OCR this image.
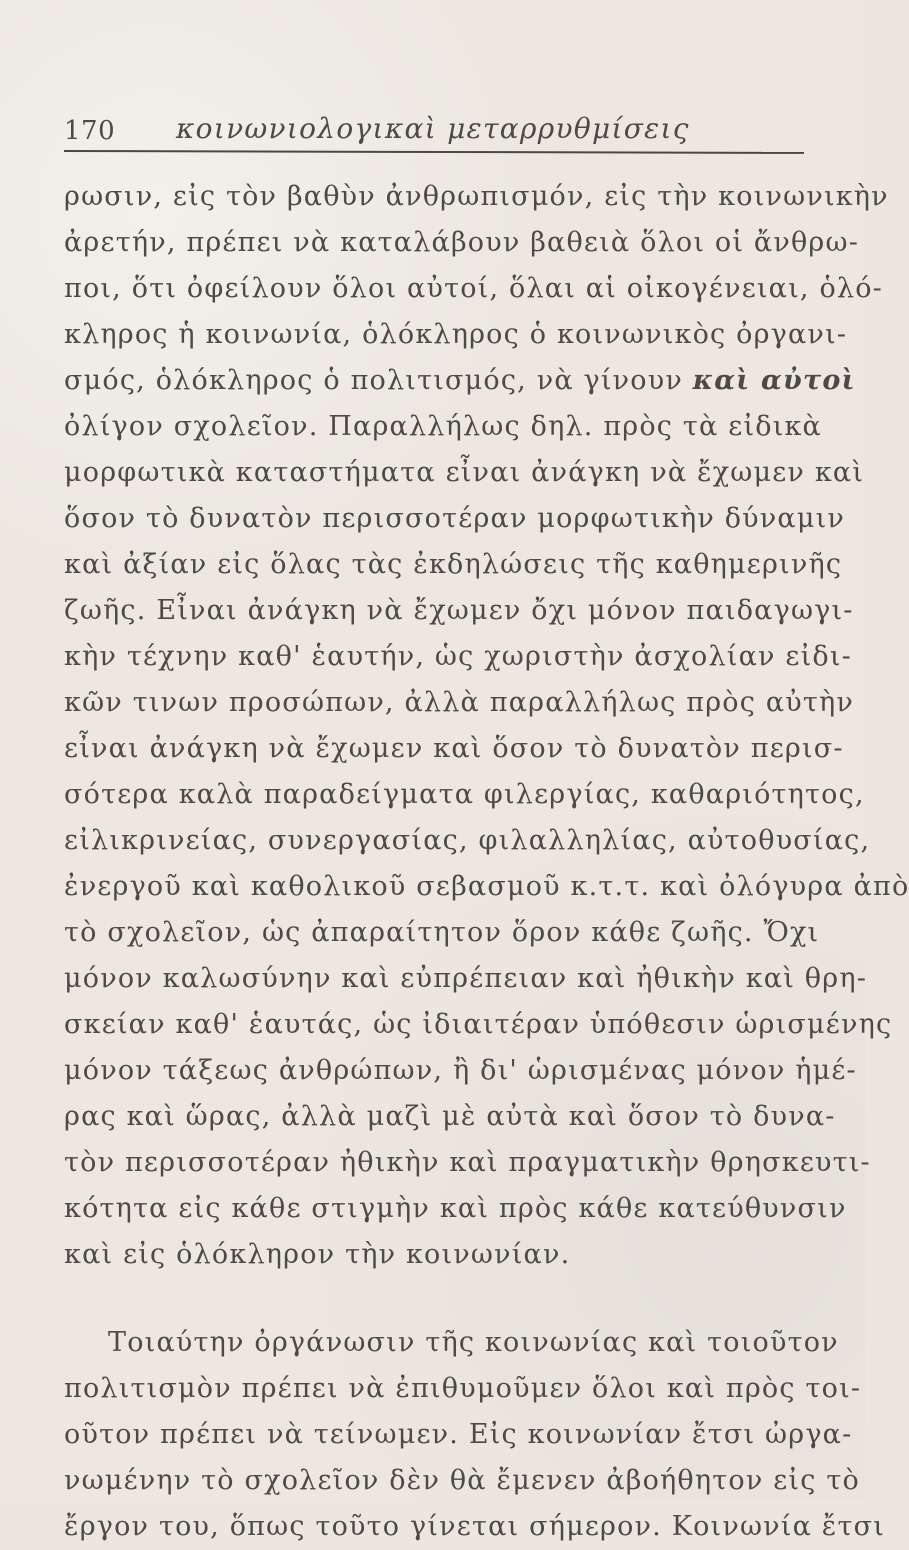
170 κοινωνιολογικαὶ μεταρρυθμίσεις
ρωσιν, εἰς τὸν βαθὺν ἀνθρωπισμόν, εἰς τὴν κοινωνικὴν
ἀρετήν, πρέπει νὰ καταλάβουν βαθειὰ ὅλοι οἱ ἄνθρω-
ποι, ὅτι ὀφείλουν ὅλοι αὐτοί, ὅλαι αἱ οἰκογένειαι, ὁλό-
κληρος ἡ κοινωνία, ὁλόκληρος ὁ κοινωνικὸς ὀργανι-
σμός, ὁλόκληρος ὁ πολιτισμός, νὰ γίνουν καὶ αὐτοὶ
ὀλίγον σχολεῖον. Παραλλήλως δηλ. πρὸς τὰ εἰδικὰ
μορφωτικὰ καταστήματα εἶναι ἀνάγκη νὰ ἔχωμεν καὶ
ὅσον τὸ δυνατὸν περισσοτέραν μορφωτικὴν δύναμιν
καὶ ἀξίαν εἰς ὅλας τὰς ἐκδηλώσεις τῆς καθημερινῆς
ζωῆς. Εἶναι ἀνάγκη νὰ ἔχωμεν ὄχι μόνον παιδαγωγι-
κὴν τέχνην καθ' ἑαυτήν, ὡς χωριστὴν ἀσχολίαν εἰδι-
κῶν τινων προσώπων, ἀλλὰ παραλλήλως πρὸς αὐτὴν
εἶναι ἀνάγκη νὰ ἔχωμεν καὶ ὅσον τὸ δυνατὸν περισ-
σότερα καλὰ παραδείγματα φιλεργίας, καθαριότητος,
εἰλικρινείας, συνεργασίας, φιλαλληλίας, αὐτοθυσίας,
ἐνεργοῦ καὶ καθολικοῦ σεβασμοῦ κ.τ.τ. καὶ ὀλόγυρα ἀπὸ
τὸ σχολεῖον, ὡς ἀπαραίτητον ὅρον κάθε ζωῆς. Ὄχι
μόνον καλωσύνην καὶ εὐπρέπειαν καὶ ἠθικὴν καὶ θρη-
σκείαν καθ' ἑαυτάς, ὡς ἰδιαιτέραν ὑπόθεσιν ὡρισμένης
μόνον τάξεως ἀνθρώπων, ἢ δι' ὡρισμένας μόνον ἡμέ-
ρας καὶ ὥρας, ἀλλὰ μαζὶ μὲ αὐτὰ καὶ ὅσον τὸ δυνα-
τὸν περισσοτέραν ἠθικὴν καὶ πραγματικὴν θρησκευτι-
κότητα εἰς κάθε στιγμὴν καὶ πρὸς κάθε κατεύθυνσιν
καὶ εἰς ὁλόκληρον τὴν κοινωνίαν.
Τοιαύτην ὀργάνωσιν τῆς κοινωνίας καὶ τοιοῦτον
πολιτισμὸν πρέπει νὰ ἐπιθυμοῦμεν ὅλοι καὶ πρὸς τοι-
οῦτον πρέπει νὰ τείνωμεν. Εἰς κοινωνίαν ἔτσι ὠργα-
νωμένην τὸ σχολεῖον δὲν θὰ ἔμενεν ἀβοήθητον εἰς τὸ
ἔργον του, ὅπως τοῦτο γίνεται σήμερον. Κοινωνία ἔτσι
